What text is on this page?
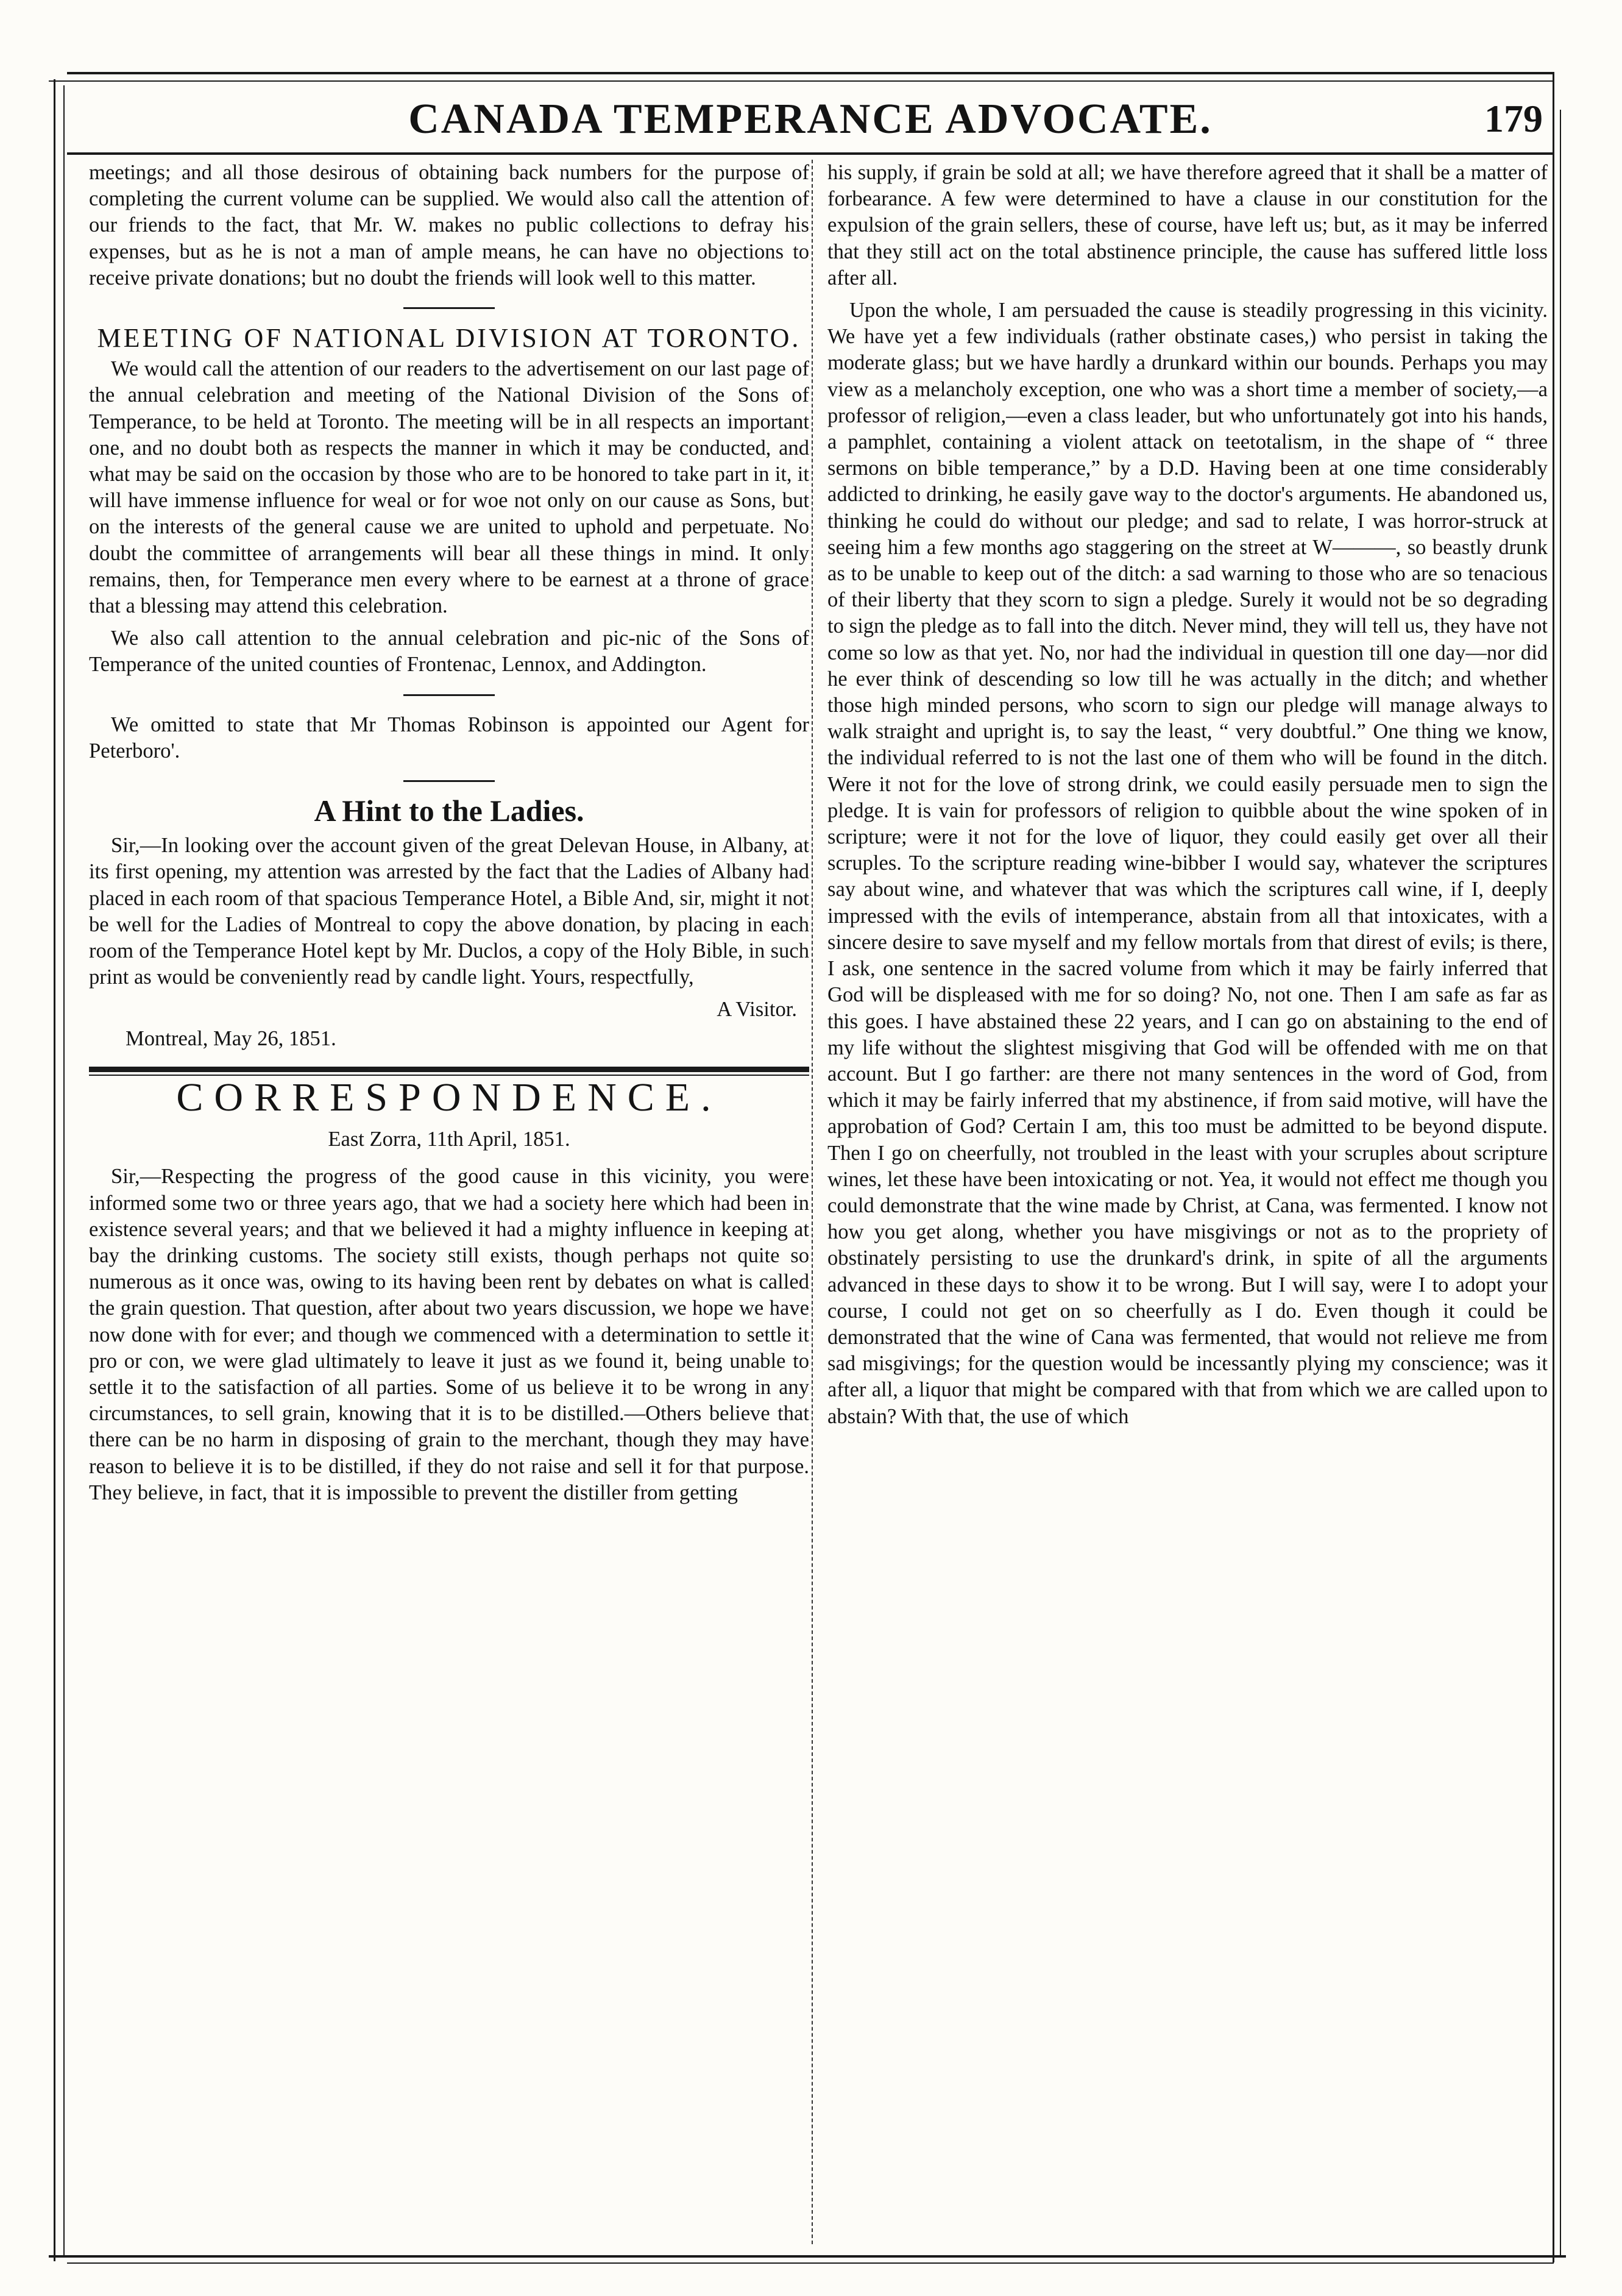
CANADA TEMPERANCE ADVOCATE.	179

meetings; and all those desirous of obtaining back numbers for the purpose of completing the current volume can be supplied. We would also call the attention of our friends to the fact, that Mr. W. makes no public collections to defray his expenses, but as he is not a man of ample means, he can have no objections to receive private donations; but no doubt the friends will look well to this matter.

MEETING OF NATIONAL DIVISION AT TORONTO.

We would call the attention of our readers to the advertisement on our last page of the annual celebration and meeting of the National Division of the Sons of Temperance, to be held at Toronto. The meeting will be in all respects an important one, and no doubt both as respects the manner in which it may be conducted, and what may be said on the occasion by those who are to be honored to take part in it, it will have immense influence for weal or for woe not only on our cause as Sons, but on the interests of the general cause we are united to uphold and perpetuate. No doubt the committee of arrangements will bear all these things in mind. It only remains, then, for Temperance men every where to be earnest at a throne of grace that a blessing may attend this celebration.

We also call attention to the annual celebration and pic-nic of the Sons of Temperance of the united counties of Frontenac, Lennox, and Addington.

We omitted to state that Mr Thomas Robinson is appointed our Agent for Peterboro'.

A Hint to the Ladies.

Sir,—In looking over the account given of the great Delevan House, in Albany, at its first opening, my attention was arrested by the fact that the Ladies of Albany had placed in each room of that spacious Temperance Hotel, a Bible And, sir, might it not be well for the Ladies of Montreal to copy the above donation, by placing in each room of the Temperance Hotel kept by Mr. Duclos, a copy of the Holy Bible, in such print as would be conveniently read by candle light. Yours, respectfully,

A Visitor.
Montreal, May 26, 1851.
CORRESPONDENCE.
East Zorra, 11th April, 1851.

Sir,—Respecting the progress of the good cause in this vicinity, you were informed some two or three years ago, that we had a society here which had been in existence several years; and that we believed it had a mighty influence in keeping at bay the drinking customs. The society still exists, though perhaps not quite so numerous as it once was, owing to its having been rent by debates on what is called the grain question. That question, after about two years discussion, we hope we have now done with for ever; and though we commenced with a determination to settle it pro or con, we were glad ultimately to leave it just as we found it, being unable to settle it to the satisfaction of all parties. Some of us believe it to be wrong in any circumstances, to sell grain, knowing that it is to be distilled.—Others believe that there can be no harm in disposing of grain to the merchant, though they may have reason to believe it is to be distilled, if they do not raise and sell it for that purpose. They believe, in fact, that it is impossible to prevent the distiller from getting

his supply, if grain be sold at all; we have therefore agreed that it shall be a matter of forbearance. A few were determined to have a clause in our constitution for the expulsion of the grain sellers, these of course, have left us; but, as it may be inferred that they still act on the total abstinence principle, the cause has suffered little loss after all.

Upon the whole, I am persuaded the cause is steadily progressing in this vicinity. We have yet a few individuals (rather obstinate cases,) who persist in taking the moderate glass; but we have hardly a drunkard within our bounds. Perhaps you may view as a melancholy exception, one who was a short time a member of society,—a professor of religion,—even a class leader, but who unfortunately got into his hands, a pamphlet, containing a violent attack on teetotalism, in the shape of “ three sermons on bible temperance,” by a D.D. Having been at one time considerably addicted to drinking, he easily gave way to the doctor's arguments. He abandoned us, thinking he could do without our pledge; and sad to relate, I was horror-struck at seeing him a few months ago staggering on the street at W———, so beastly drunk as to be unable to keep out of the ditch: a sad warning to those who are so tenacious of their liberty that they scorn to sign a pledge. Surely it would not be so degrading to sign the pledge as to fall into the ditch. Never mind, they will tell us, they have not come so low as that yet. No, nor had the individual in question till one day—nor did he ever think of descending so low till he was actually in the ditch; and whether those high minded persons, who scorn to sign our pledge will manage always to walk straight and upright is, to say the least, “ very doubtful.” One thing we know, the individual referred to is not the last one of them who will be found in the ditch. Were it not for the love of strong drink, we could easily persuade men to sign the pledge. It is vain for professors of religion to quibble about the wine spoken of in scripture; were it not for the love of liquor, they could easily get over all their scruples. To the scripture reading wine-bibber I would say, whatever the scriptures say about wine, and whatever that was which the scriptures call wine, if I, deeply impressed with the evils of intemperance, abstain from all that intoxicates, with a sincere desire to save myself and my fellow mortals from that direst of evils; is there, I ask, one sentence in the sacred volume from which it may be fairly inferred that God will be displeased with me for so doing? No, not one. Then I am safe as far as this goes. I have abstained these 22 years, and I can go on abstaining to the end of my life without the slightest misgiving that God will be offended with me on that account. But I go farther: are there not many sentences in the word of God, from which it may be fairly inferred that my abstinence, if from said motive, will have the approbation of God? Certain I am, this too must be admitted to be beyond dispute. Then I go on cheerfully, not troubled in the least with your scruples about scripture wines, let these have been intoxicating or not. Yea, it would not effect me though you could demonstrate that the wine made by Christ, at Cana, was fermented. I know not how you get along, whether you have misgivings or not as to the propriety of obstinately persisting to use the drunkard's drink, in spite of all the arguments advanced in these days to show it to be wrong. But I will say, were I to adopt your course, I could not get on so cheerfully as I do. Even though it could be demonstrated that the wine of Cana was fermented, that would not relieve me from sad misgivings; for the question would be incessantly plying my conscience; was it after all, a liquor that might be compared with that from which we are called upon to abstain? With that, the use of which
